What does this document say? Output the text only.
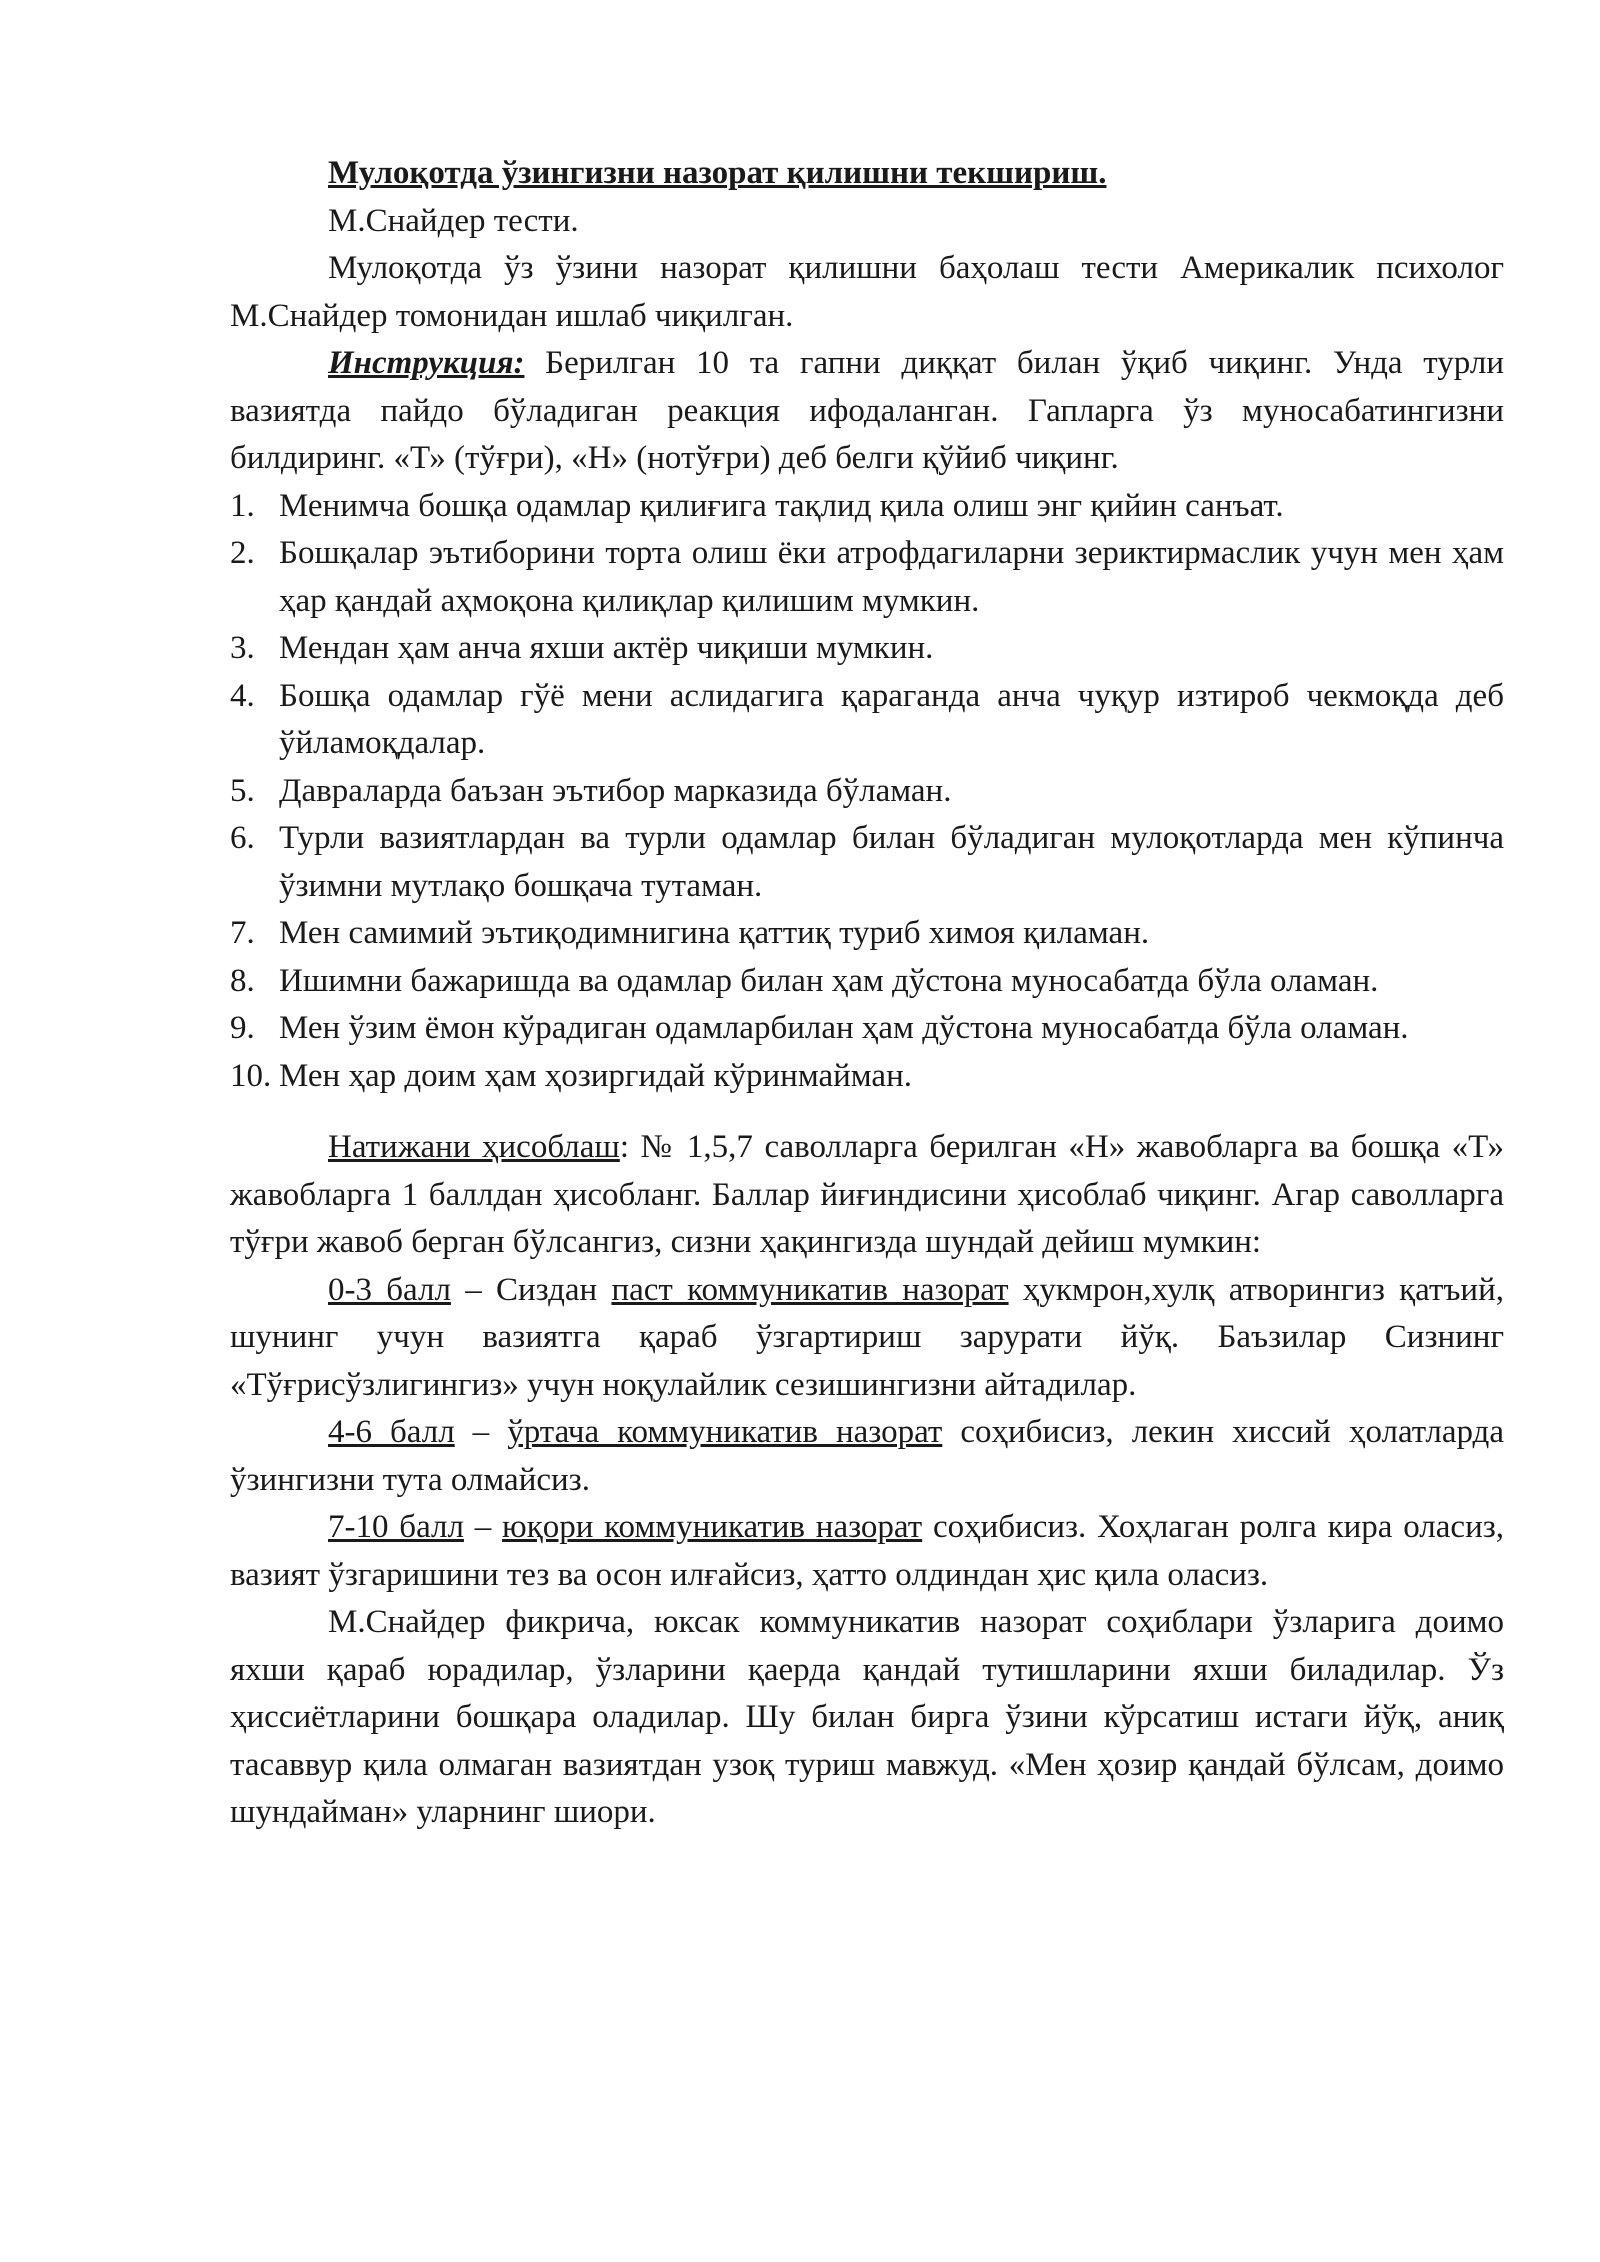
Мулоқотда ўзингизни назорат қилишни текшириш.

М.Снайдер тести.

Мулоқотда ўз ўзини назорат қилишни баҳолаш тести Америкалик психолог М.Снайдер томонидан ишлаб чиқилган.

Инструкция: Берилган 10 та гапни диққат билан ўқиб чиқинг. Унда турли вазиятда пайдо бўладиган реакция ифодаланган. Гапларга ўз муносабатингизни билдиринг. «Т» (тўғри), «Н» (нотўғри) деб белги қўйиб чиқинг.

1. Менимча бошқа одамлар қилиғига тақлид қила олиш энг қийин санъат.
2. Бошқалар эътиборини торта олиш ёки атрофдагиларни зериктирмаслик учун мен ҳам ҳар қандай аҳмоқона қилиқлар қилишим мумкин.
3. Мендан ҳам анча яхши актёр чиқиши мумкин.
4. Бошқа одамлар гўё мени аслидагига қараганда анча чуқур изтироб чекмоқда деб ўйламоқдалар.
5. Давраларда баъзан эътибор марказида бўламан.
6. Турли вазиятлардан ва турли одамлар билан бўладиган мулоқотларда мен кўпинча ўзимни мутлақо бошқача тутаман.
7. Мен самимий эътиқодимнигина қаттиқ туриб химоя қиламан.
8. Ишимни бажаришда ва одамлар билан ҳам дўстона муносабатда бўла оламан.
9. Мен ўзим ёмон кўрадиган одамларбилан ҳам дўстона муносабатда бўла оламан.
10. Мен ҳар доим ҳам ҳозиргидай кўринмайман.

Натижани ҳисоблаш: № 1,5,7 саволларга берилган «Н» жавобларга ва бошқа «Т» жавобларга 1 баллдан ҳисобланг. Баллар йиғиндисини ҳисоблаб чиқинг. Агар саволларга тўғри жавоб берган бўлсангиз, сизни ҳақингизда шундай дейиш мумкин:

0-3 балл – Сиздан паст коммуникатив назорат ҳукмрон,хулқ атворингиз қатъий, шунинг учун вазиятга қараб ўзгартириш зарурати йўқ. Баъзилар Сизнинг «Тўғрисўзлигингиз» учун ноқулайлик сезишингизни айтадилар.

4-6 балл – ўртача коммуникатив назорат соҳибисиз, лекин хиссий ҳолатларда ўзингизни тута олмайсиз.

7-10 балл – юқори коммуникатив назорат соҳибисиз. Хоҳлаган ролга кира оласиз, вазият ўзгаришини тез ва осон илғайсиз, ҳатто олдиндан ҳис қила оласиз.

М.Снайдер фикрича, юксак коммуникатив назорат соҳиблари ўзларига доимо яхши қараб юрадилар, ўзларини қаерда қандай тутишларини яхши биладилар. Ўз ҳиссиётларини бошқара оладилар. Шу билан бирга ўзини кўрсатиш истаги йўқ, аниқ тасаввур қила олмаган вазиятдан узоқ туриш мавжуд. «Мен ҳозир қандай бўлсам, доимо шундайман» уларнинг шиори.
